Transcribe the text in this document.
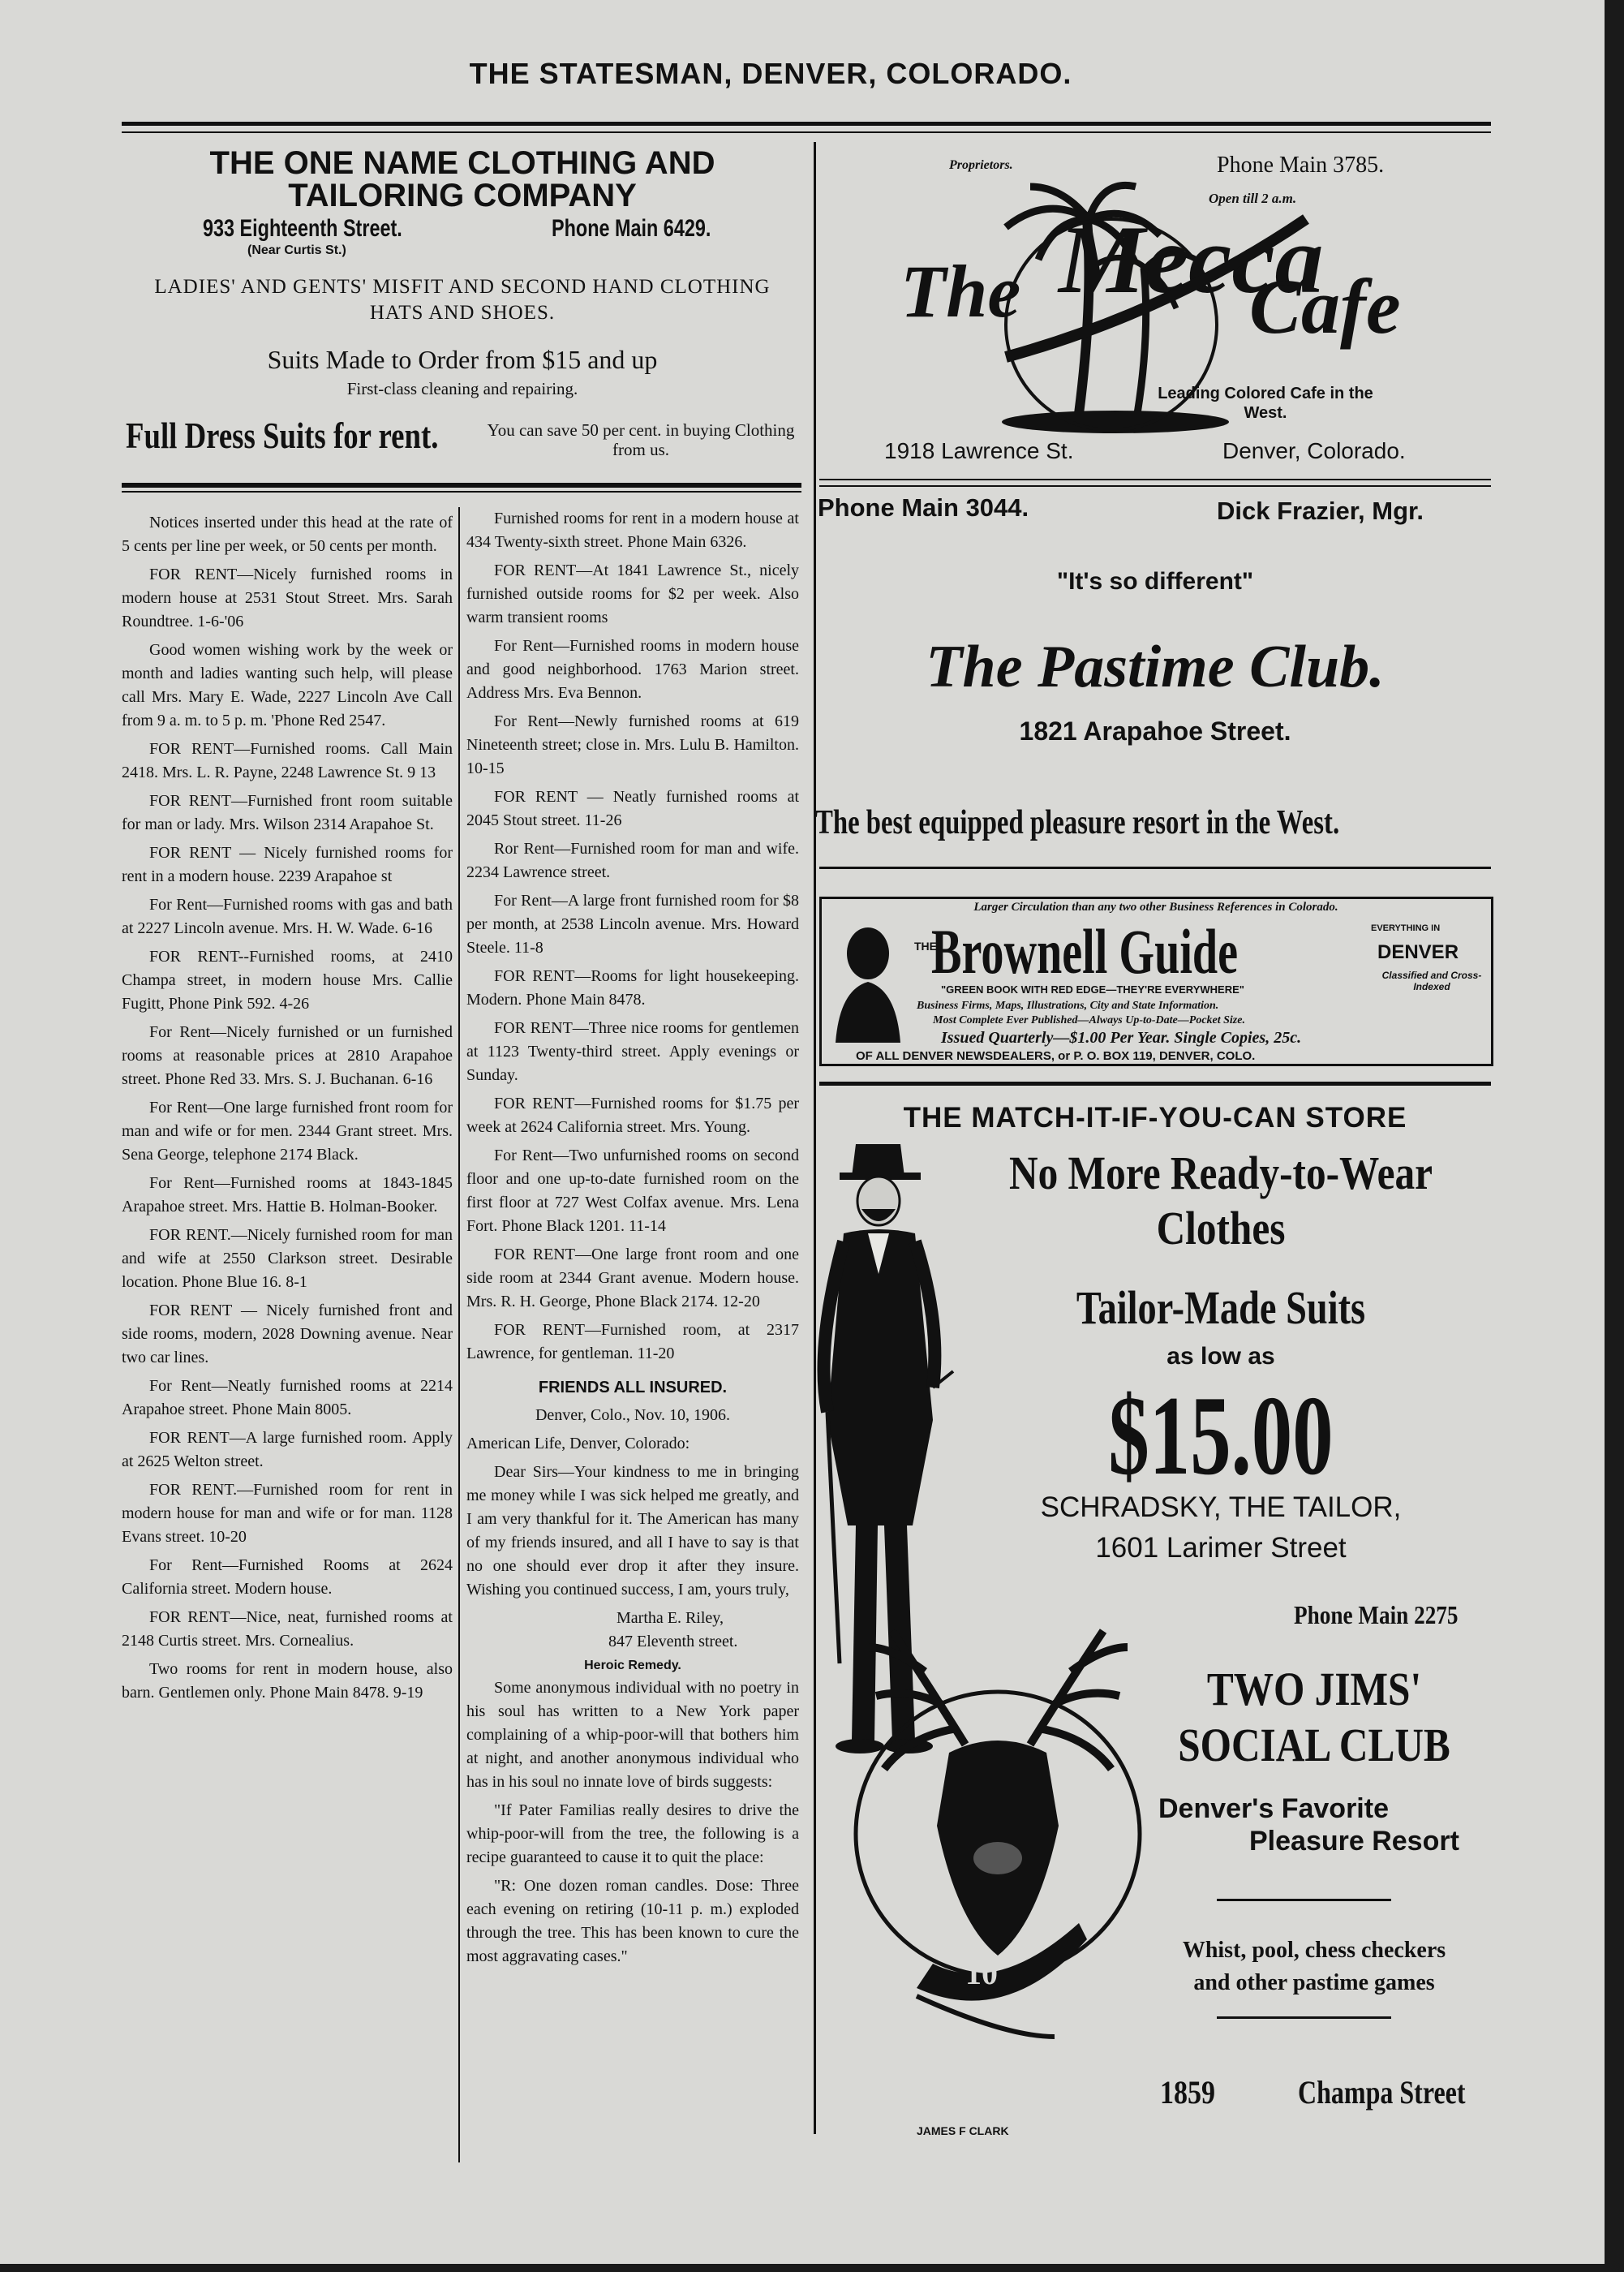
THE STATESMAN, DENVER, COLORADO.
THE ONE NAME CLOTHING AND
TAILORING COMPANY
933 Eighteenth Street.	Phone Main 6429.
(Near Curtis St.)
LADIES' AND GENTS' MISFIT AND SECOND HAND CLOTHING
HATS AND SHOES.
Suits Made to Order from $15 and up
First-class cleaning and repairing.
Full Dress Suits for rent.	You can save 50 per cent. in buying Clothing from us.

Notices inserted under this head at the rate of 5 cents per line per week, or 50 cents per month.

FOR RENT—Nicely furnished rooms in modern house at 2531 Stout Street. Mrs. Sarah Roundtree. 1-6-'06

Good women wishing work by the week or month and ladies wanting such help, will please call Mrs. Mary E. Wade, 2227 Lincoln Ave Call from 9 a. m. to 5 p. m. 'Phone Red 2547.

FOR RENT—Furnished rooms. Call Main 2418. Mrs. L. R. Payne, 2248 Lawrence St. 9 13

FOR RENT—Furnished front room suitable for man or lady. Mrs. Wilson 2314 Arapahoe St.

FOR RENT — Nicely furnished rooms for rent in a modern house. 2239 Arapahoe st

For Rent—Furnished rooms with gas and bath at 2227 Lincoln avenue. Mrs. H. W. Wade. 6-16

FOR RENT--Furnished rooms, at 2410 Champa street, in modern house Mrs. Callie Fugitt, Phone Pink 592. 4-26

For Rent—Nicely furnished or un furnished rooms at reasonable prices at 2810 Arapahoe street. Phone Red 33. Mrs. S. J. Buchanan. 6-16

For Rent—One large furnished front room for man and wife or for men. 2344 Grant street. Mrs. Sena George, telephone 2174 Black.

For Rent—Furnished rooms at 1843-1845 Arapahoe street. Mrs. Hattie B. Holman-Booker.

FOR RENT.—Nicely furnished room for man and wife at 2550 Clarkson street. Desirable location. Phone Blue 16. 8-1

FOR RENT — Nicely furnished front and side rooms, modern, 2028 Downing avenue. Near two car lines.

For Rent—Neatly furnished rooms at 2214 Arapahoe street. Phone Main 8005.

FOR RENT—A large furnished room. Apply at 2625 Welton street.

FOR RENT.—Furnished room for rent in modern house for man and wife or for man. 1128 Evans street. 10-20

For Rent—Furnished Rooms at 2624 California street. Modern house.

FOR RENT—Nice, neat, furnished rooms at 2148 Curtis street. Mrs. Cornealius.

Two rooms for rent in modern house, also barn. Gentlemen only. Phone Main 8478. 9-19

Furnished rooms for rent in a modern house at 434 Twenty-sixth street. Phone Main 6326.

FOR RENT—At 1841 Lawrence St., nicely furnished outside rooms for $2 per week. Also warm transient rooms

For Rent—Furnished rooms in modern house and good neighborhood. 1763 Marion street. Address Mrs. Eva Bennon.

For Rent—Newly furnished rooms at 619 Nineteenth street; close in. Mrs. Lulu B. Hamilton. 10-15

FOR RENT — Neatly furnished rooms at 2045 Stout street. 11-26

Ror Rent—Furnished room for man and wife. 2234 Lawrence street.

For Rent—A large front furnished room for $8 per month, at 2538 Lincoln avenue. Mrs. Howard Steele. 11-8

FOR RENT—Rooms for light housekeeping. Modern. Phone Main 8478.

FOR RENT—Three nice rooms for gentlemen at 1123 Twenty-third street. Apply evenings or Sunday.

FOR RENT—Furnished rooms for $1.75 per week at 2624 California street. Mrs. Young.

For Rent—Two unfurnished rooms on second floor and one up-to-date furnished room on the first floor at 727 West Colfax avenue. Mrs. Lena Fort. Phone Black 1201. 11-14

FOR RENT—One large front room and one side room at 2344 Grant avenue. Modern house. Mrs. R. H. George, Phone Black 2174. 12-20

FOR RENT—Furnished room, at 2317 Lawrence, for gentleman. 11-20

FRIENDS ALL INSURED.

Denver, Colo., Nov. 10, 1906.

American Life, Denver, Colorado:

Dear Sirs—Your kindness to me in bringing me money while I was sick helped me greatly, and I am very thankful for it. The American has many of my friends insured, and all I have to say is that no one should ever drop it after they insure. Wishing you continued success, I am, yours truly,

Martha E. Riley,

847 Eleventh street.

Heroic Remedy.

Some anonymous individual with no poetry in his soul has written to a New York paper complaining of a whip-poor-will that bothers him at night, and another anonymous individual who has in his soul no innate love of birds suggests:

"If Pater Familias really desires to drive the whip-poor-will from the tree, the following is a recipe guaranteed to cause it to quit the place:

"R: One dozen roman candles. Dose: Three each evening on retiring (10-11 p. m.) exploded through the tree. This has been known to cure the most aggravating cases."

Proprietors.	Phone Main 3785.
Open till 2 a.m.
The Mecca
Cafe
Leading Colored Cafe in the West.
1918 Lawrence St.	Denver, Colorado.
Phone Main 3044.	Dick Frazier, Mgr.
"It's so different"
The Pastime Club.
1821 Arapahoe Street.
The best equipped pleasure resort in the West.
Larger Circulation than any two other Business References in Colorado.
THE
Brownell Guide	EVERYTHING IN
DENVER
Classified and Cross-Indexed
"GREEN BOOK WITH RED EDGE—THEY'RE EVERYWHERE"
Business Firms, Maps, Illustrations, City and State Information.
Most Complete Ever Published—Always Up-to-Date—Pocket Size.
Issued Quarterly—$1.00 Per Year. Single Copies, 25c.
OF ALL DENVER NEWSDEALERS, or P. O. BOX 119, DENVER, COLO.
THE MATCH-IT-IF-YOU-CAN STORE
No More Ready-to-Wear
Clothes
Tailor-Made Suits
as low as
$15.00
SCHRADSKY, THE TAILOR,
1601 Larimer Street
Phone Main 2275
10
TWO JIMS'
SOCIAL CLUB
Denver's Favorite
Pleasure Resort
Whist, pool, chess checkers
and other pastime games
1859	Champa Street
JAMES F CLARK
